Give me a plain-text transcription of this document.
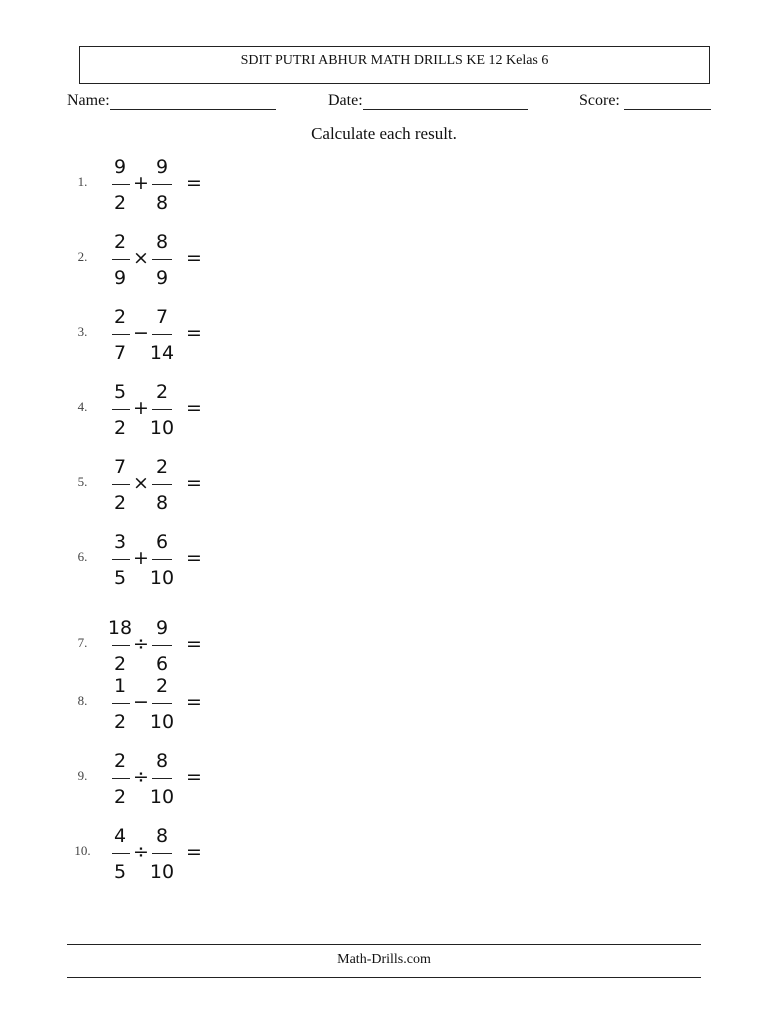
SDIT PUTRI ABHUR MATH DRILLS KE 12 Kelas 6
Name:	Date:	Score:
Calculate each result.
1.
9
2
+
9
8
=
2.
2
9
×
8
9
=
3.
2
7
−
7
14
=
4.
5
2
+
2
10
=
5.
7
2
×
2
8
=
6.
3
5
+
6
10
=
7.
18
2
÷
9
6
=
8.
1
2
−
2
10
=
9.
2
2
÷
8
10
=
10.
4
5
÷
8
10
=
Math-Drills.com
